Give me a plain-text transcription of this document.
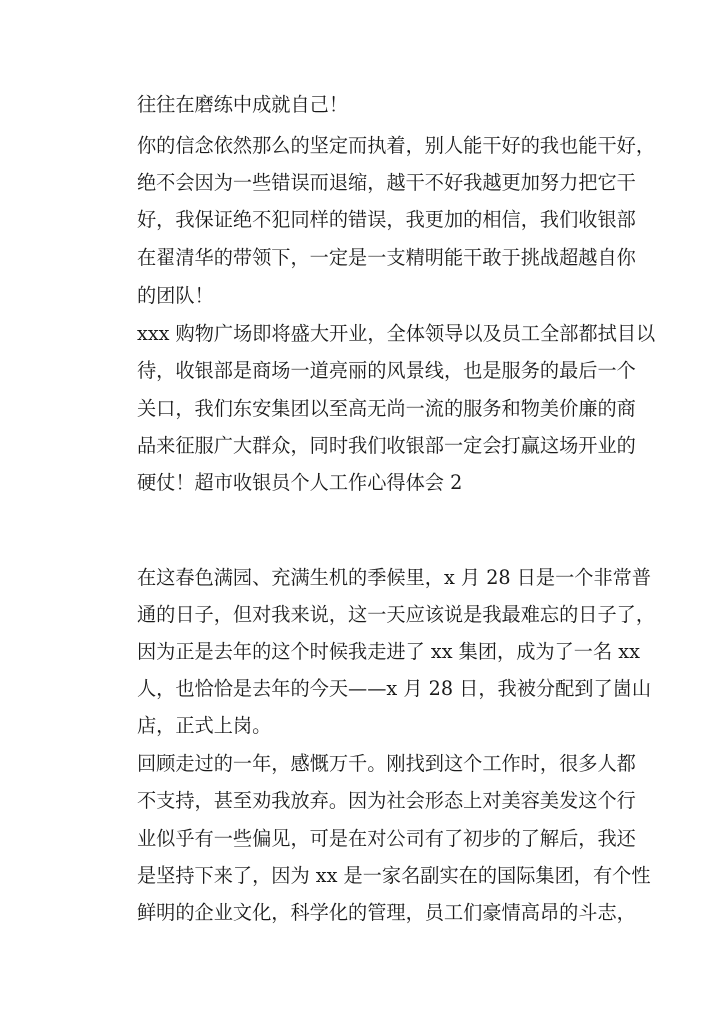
往往在磨练中成就自己！
你的信念依然那么的坚定而执着，别人能干好的我也能干好，
绝不会因为一些错误而退缩，越干不好我越更加努力把它干
好，我保证绝不犯同样的错误，我更加的相信，我们收银部
在翟清华的带领下，一定是一支精明能干敢于挑战超越自你
的团队！
xxx 购物广场即将盛大开业，全体领导以及员工全部都拭目以
待，收银部是商场一道亮丽的风景线，也是服务的最后一个
关口，我们东安集团以至高无尚一流的服务和物美价廉的商
品来征服广大群众，同时我们收银部一定会打赢这场开业的
硬仗！超市收银员个人工作心得体会 2
在这春色满园、充满生机的季候里，x 月 28 日是一个非常普
通的日子，但对我来说，这一天应该说是我最难忘的日子了，
因为正是去年的这个时候我走进了 xx 集团，成为了一名 xx
人，也恰恰是去年的今天——x 月 28 日，我被分配到了崮山
店，正式上岗。
回顾走过的一年，感慨万千。刚找到这个工作时，很多人都
不支持，甚至劝我放弃。因为社会形态上对美容美发这个行
业似乎有一些偏见，可是在对公司有了初步的了解后，我还
是坚持下来了，因为 xx 是一家名副实在的国际集团，有个性
鲜明的企业文化，科学化的管理，员工们豪情高昂的斗志，
